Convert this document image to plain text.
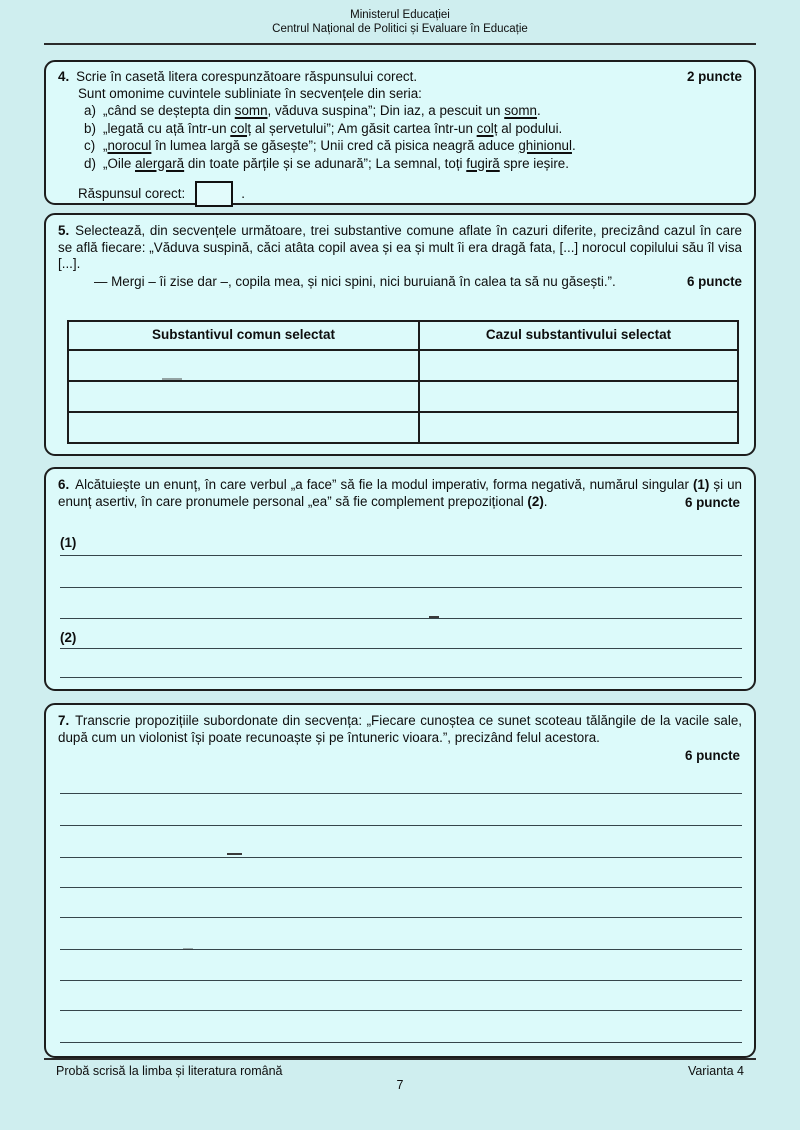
Ministerul Educației
Centrul Național de Politici și Evaluare în Educație
4. Scrie în casetă litera corespunzătoare răspunsului corect.	2 puncte
Sunt omonime cuvintele subliniate în secvențele din seria:
a) „când se deștepta din somn, văduva suspina”; Din iaz, a pescuit un somn.
b) „legată cu ață într-un colț al șervetului”; Am găsit cartea într-un colț al podului.
c) „norocul în lumea largă se găsește”; Unii cred că pisica neagră aduce ghinionul.
d) „Oile alergară din toate părțile și se adunară”; La semnal, toți fugiră spre ieșire.
Răspunsul corect:	.

5. Selectează, din secvențele următoare, trei substantive comune aflate în cazuri diferite, precizând cazul în care se află fiecare: „Văduva suspină, căci atâta copil avea și ea și mult îi era dragă fata, [...] norocul copilului său îl visa [...].

— Mergi – îi zise dar –, copila mea, și nici spini, nici buruiană în calea ta să nu găsești.”.	6 puncte
Substantivul comun selectat	Cazul substantivului selectat

6. Alcătuiește un enunț, în care verbul „a face” să fie la modul imperativ, forma negativă, numărul singular (1) și un enunț asertiv, în care pronumele personal „ea” să fie complement prepozițional (2).	6 puncte
(1)
(2)

7. Transcrie propozițiile subordonate din secvența: „Fiecare cunoștea ce sunet scoteau tălăngile de la vacile sale, după cum un violonist își poate recunoaște și pe întuneric vioara.”, precizând felul acestora.

6 puncte
Probă scrisă la limba și literatura română	Varianta 4
7
